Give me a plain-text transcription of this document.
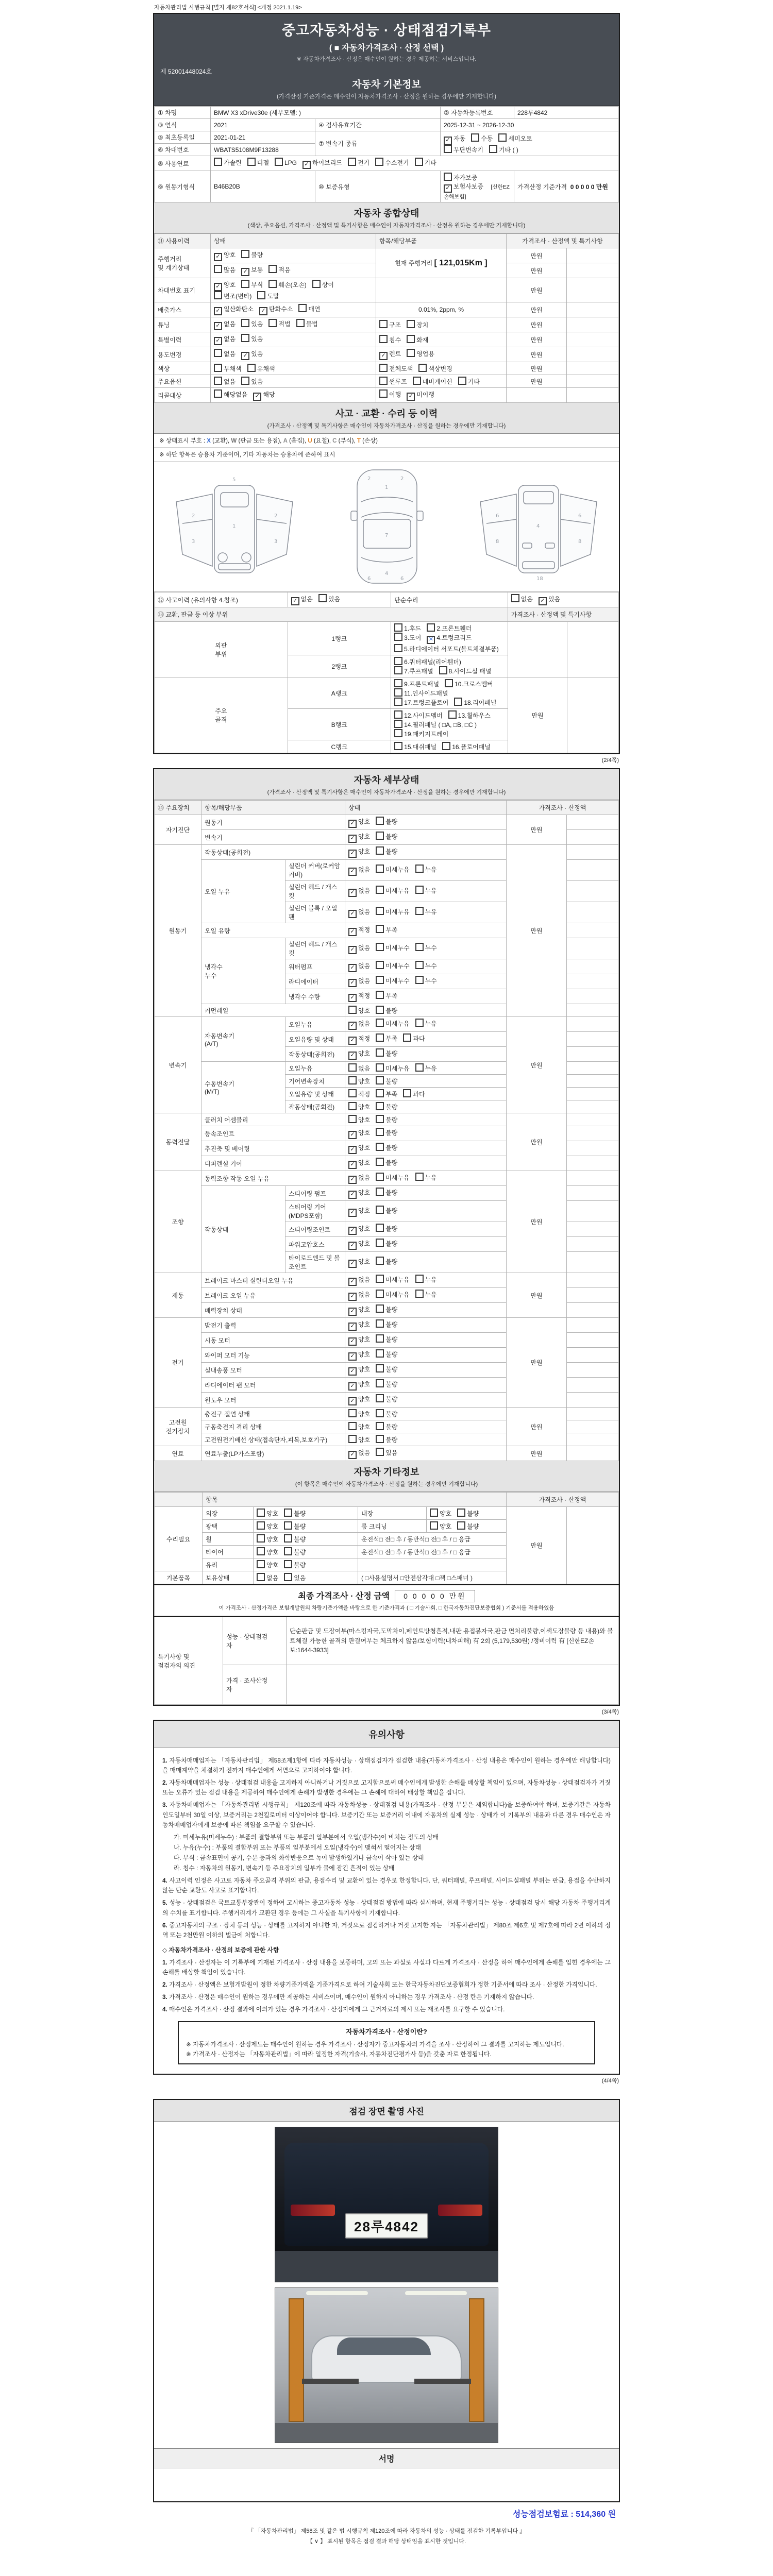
자동차관리법 시행규칙 [별지 제82호서식] <개정 2021.1.19>
중고자동차성능 · 상태점검기록부
( ■ 자동차가격조사 · 산정 선택 )
※ 자동차가격조사 · 산정은 매수인이 원하는 경우 제공하는 서비스입니다.
제 52001448024호
자동차 기본정보
(가격산정 기준가격은 매수인이 자동차가격조사 · 산정을 원하는 경우에만 기재합니다)
① 차명	BMW X3 xDrive30e (세부모델: )		② 자동차등록번호	228루4842
③ 연식	2021	④ 검사유효기간	2025-12-31 ~ 2026-12-30	
⑤ 최초등록일	2021-01-21	⑦ 변속기 종류	✓ 자동 수동 세미오토
무단변속기 기타 ( )	
⑥ 차대번호	WBATS5108M9F13288			
⑧ 사용연료	가솔린 디젤 LPG ✓ 하이브리드 전기 수소전기 기타			
⑨ 원동기형식	B46B20B	⑩ 보증유형	자가보증✓ 보험사보증 [신한EZ손해보험]	가격산정 기준가격 0 0 0 0 0 만원
자동차 종합상태
(색상, 주요옵션, 가격조사 · 산정액 및 특기사항은 매수인이 자동차가격조사 · 산정을 원하는 경우에만 기재합니다)
⑪ 사용이력	상태	항목/해당부품	가격조사 · 산정액 및 특기사항	
주행거리
및 계기상태	✓ 양호 불량	현재 주행거리 [ 121,015Km ]	만원	
	많음 ✓ 보통 적음		만원	
차대번호 표기	✓ 양호 부식 훼손(오손) 상이변조(변타) 도말		만원	
배출가스	✓ 일산화탄소 ✓ 탄화수소 매연	0.01%, 2ppm, %	만원	
튜닝	✓ 없음 있음 적법 불법	구조 장치	만원	
특별이력	✓ 없음 있음	침수 화재	만원	
용도변경	없음 ✓ 있음	✓ 렌트 영업용	만원	
색상	무채색 유채색	전체도색 색상변경	만원	
주요옵션	없음 있음	썬루프 네비게이션 기타	만원	
리콜대상	해당없음 ✓ 해당	이행 ✓ 미이행		
사고 · 교환 · 수리 등 이력
(가격조사 · 산정액 및 특기사항은 매수인이 자동차가격조사 · 산정을 원하는 경우에만 기재합니다)
※ 상태표시 부호 : X (교환), W (판금 또는 용접), A (흠집), U (요철), C (부식), T (손상)
※ 하단 항목은 승용차 기준이며, 기타 자동차는 승용차에 준하여 표시
1
2	2
3	3
5
1
7
4
2	2
6	6
4
6	6
8	8
18
⑫ 사고이력 (유의사항 4.참조)	✓ 없음 있음	단순수리	없음 ✓ 있음	
⑬ 교환, 판금 등 이상 부위			가격조사 · 산정액 및 특기사항	
외판
부위	1랭크	1.후드 2.프론트휀더3.도어 ✕ 4.트렁크리드5.라디에이터 서포트(볼트체결부품)		
	2랭크	6.쿼터패널(리어휀더)7.루프패널 8.사이드실 패널		
주요
골격	A랭크	9.프론트패널 10.크로스멤버11.인사이드패널17.트렁크플로어 18.리어패널	만원	
	B랭크	12.사이드멤버 13.휠하우스14.필러패널 ( □A, □B, □C )19.패키지트레이		
	C랭크	15.대쉬패널 16.플로어패널		
(2/4쪽)
자동차 세부상태
(가격조사 · 산정액 및 특기사항은 매수인이 자동차가격조사 · 산정을 원하는 경우에만 기재합니다)
⑭ 주요장치	항목/해당부품		상태	가격조사 · 산정액	
자기진단	원동기		✓ 양호 불량	만원	
	변속기		✓ 양호 불량		
원동기	작동상태(공회전)		✓ 양호 불량	만원	
	오일 누유	실린더 커버(로커암 커버)	✓ 없음 미세누유 누유		
		실린더 헤드 / 개스킷	✓ 없음 미세누유 누유		
		실린더 블록 / 오일팬	✓ 없음 미세누유 누유		
	오일 유량		✓ 적정 부족		
	냉각수
누수	실린더 헤드 / 개스킷	✓ 없음 미세누수 누수		
		워터펌프	✓ 없음 미세누수 누수		
		라디에이터	✓ 없음 미세누수 누수		
		냉각수 수량	✓ 적정 부족		
	커먼레일		양호 불량		
변속기	자동변속기
(A/T)	오일누유	✓ 없음 미세누유 누유	만원	
		오일유량 및 상태	✓ 적정 부족 과다		
		작동상태(공회전)	✓ 양호 불량		
	수동변속기
(M/T)	오일누유	없음 미세누유 누유		
		기어변속장치	양호 불량		
		오일유량 및 상태	적정 부족 과다		
		작동상태(공회전)	양호 불량		
동력전달	클러치 어셈블리		양호 불량	만원	
	등속조인트		✓ 양호 불량		
	추진축 및 베어링		✓ 양호 불량		
	디퍼렌셜 기어		✓ 양호 불량		
조향	동력조향 작동 오일 누유		✓ 없음 미세누유 누유	만원	
	작동상태	스티어링 펌프	✓ 양호 불량		
		스티어링 기어(MDPS포함)	✓ 양호 불량		
		스티어링조인트	✓ 양호 불량		
		파워고압호스	✓ 양호 불량		
		타이로드엔드 및 볼 조인트	✓ 양호 불량		
제동	브레이크 마스터 실린더오일 누유		✓ 없음 미세누유 누유	만원	
	브레이크 오일 누유		✓ 없음 미세누유 누유		
	배력장치 상태		✓ 양호 불량		
전기	발전기 출력		✓ 양호 불량	만원	
	시동 모터		✓ 양호 불량		
	와이퍼 모터 기능		✓ 양호 불량		
	실내송풍 모터		✓ 양호 불량		
	라디에이터 팬 모터		✓ 양호 불량		
	윈도우 모터		✓ 양호 불량		
고전원
전기장치	충전구 절연 상태		양호 불량	만원	
	구동축전지 격리 상태		양호 불량		
	고전원전기배선 상태(접속단자,피복,보호기구)		양호 불량		
연료	연료누출(LP가스포함)		✓ 없음 있음	만원	
자동차 기타정보
(이 항목은 매수인이 자동차가격조사 · 산정을 원하는 경우에만 기재합니다)
	항목				가격조사 · 산정액	
수리필요	외장	양호 불량	내장	양호 불량	만원	
	광택	양호 불량	룸 크리닝	양호 불량		
	휠	양호 불량	운전석□ 전□ 후 / 동반석□ 전□ 후 / □ 응급			
	타이어	양호 불량	운전석□ 전□ 후 / 동반석□ 전□ 후 / □ 응급			
	유리	양호 불량				
기본품목	보유상태	없음 있음	( □사용설명서 □안전삼각대 □잭 □스패너 )			
최종 가격조사 · 산정 금액 0 0 0 0 0 만원
이 가격조사 · 산정가격은 보험개발원의 차량기준가액을 바탕으로 한 기준가격과 ( □ 기술사회, □ 한국자동차진단보증협회 ) 기준서를 적용하였음
특기사항 및
점검자의 의견	성능 · 상태점검
자	단순판금 및 도장여부(마스킹자국,도막차이,페인트방청흔적,내판 용접봉자국,판금 면처리불량,이색도장불량 등 내용)와 볼트체결 가능한 골격의 판결여부는 체크하지 않음/보험이력(내차피해) 有 2회 (5,179,530원) /정비이력 有 [신한EZ손보:1644-3933]
	가격 · 조사산정
자	
(3/4쪽)
유의사항
1. 자동차매매업자는 「자동차관리법」 제58조제1항에 따라 자동차성능 · 상태점검자가 점검한 내용(자동차가격조사 · 산정 내용은 매수인이 원하는 경우에만 해당합니다)을 매매계약을 체결하기 전까지 매수인에게 서면으로 고지하여야 합니다.
2. 자동차매매업자는 성능 · 상태점검 내용을 고지하지 아니하거나 거짓으로 고지함으로써 매수인에게 발생한 손해를 배상할 책임이 있으며, 자동차성능 · 상태점검자가 거짓 또는 오류가 있는 점검 내용을 제공하여 매수인에게 손해가 발생한 경우에는 그 손해에 대하여 배상할 책임을 집니다.
3. 자동차매매업자는 「자동차관리법 시행규칙」 제120조에 따라 자동차성능 · 상태점검 내용(가격조사 · 산정 부분은 제외합니다)을 보증하여야 하며, 보증기간은 자동차 인도일부터 30일 이상, 보증거리는 2천킬로미터 이상이어야 합니다. 보증기간 또는 보증거리 이내에 자동차의 실제 성능 · 상태가 이 기록부의 내용과 다른 경우 매수인은 자동차매매업자에게 보증에 따른 책임을 요구할 수 있습니다.
가. 미세누유(미세누수) : 부품의 결합부위 또는 부품의 일부분에서 오일(냉각수)이 비치는 정도의 상태
나. 누유(누수) : 부품의 결합부위 또는 부품의 일부분에서 오일(냉각수)이 맺혀서 떨어지는 상태
다. 부식 : 금속표면이 공기, 수분 등과의 화학반응으로 녹이 발생하였거나 금속이 삭아 있는 상태
라. 침수 : 자동차의 원동기, 변속기 등 주요장치의 일부가 물에 잠긴 흔적이 있는 상태
4. 사고이력 인정은 사고로 자동차 주요골격 부위의 판금, 용접수리 및 교환이 있는 경우로 한정합니다. 단, 쿼터패널, 루프패널, 사이드실패널 부위는 판금, 용접을 수반하지 않는 단순 교환도 사고로 표기합니다.
5. 성능 · 상태점검은 국토교통부장관이 정하여 고시하는 중고자동차 성능 · 상태점검 방법에 따라 실시하며, 현재 주행거리는 성능 · 상태점검 당시 해당 자동차 주행거리계의 수치를 표기합니다. 주행거리계가 교환된 경우 등에는 그 사실을 특기사항에 기재합니다.
6. 중고자동차의 구조 · 장치 등의 성능 · 상태를 고지하지 아니한 자, 거짓으로 점검하거나 거짓 고지한 자는 「자동차관리법」 제80조 제6호 및 제7호에 따라 2년 이하의 징역 또는 2천만원 이하의 벌금에 처합니다.
◇ 자동차가격조사 · 산정의 보증에 관한 사항
1. 가격조사 · 산정자는 이 기록부에 기재된 가격조사 · 산정 내용을 보증하며, 고의 또는 과실로 사실과 다르게 가격조사 · 산정을 하여 매수인에게 손해를 입힌 경우에는 그 손해를 배상할 책임이 있습니다.
2. 가격조사 · 산정액은 보험개발원이 정한 차량기준가액을 기준가격으로 하여 기술사회 또는 한국자동차진단보증협회가 정한 기준서에 따라 조사 · 산정한 가격입니다.
3. 가격조사 · 산정은 매수인이 원하는 경우에만 제공하는 서비스이며, 매수인이 원하지 아니하는 경우 가격조사 · 산정 란은 기재하지 않습니다.
4. 매수인은 가격조사 · 산정 결과에 이의가 있는 경우 가격조사 · 산정자에게 그 근거자료의 제시 또는 재조사를 요구할 수 있습니다.
자동차가격조사 · 산정이란?
※ 자동차가격조사 · 산정제도는 매수인이 원하는 경우 가격조사 · 산정자가 중고자동차의 가격을 조사 · 산정하여 그 결과를 고지하는 제도입니다.
※ 가격조사 · 산정자는 「자동차관리법」에 따라 일정한 자격(기술사, 자동차진단평가사 등)을 갖춘 자로 한정됩니다.
(4/4쪽)
점검 장면 촬영 사진
28루4842
서명
성능점검보험료 : 514,360 원
『 「자동차관리법」 제58조 및 같은 법 시행규칙 제120조에 따라 자동차의 성능 · 상태를 점검한 기록부입니다 』
【 ∨ 】 표시된 항목은 점검 결과 해당 상태임을 표시한 것입니다.
